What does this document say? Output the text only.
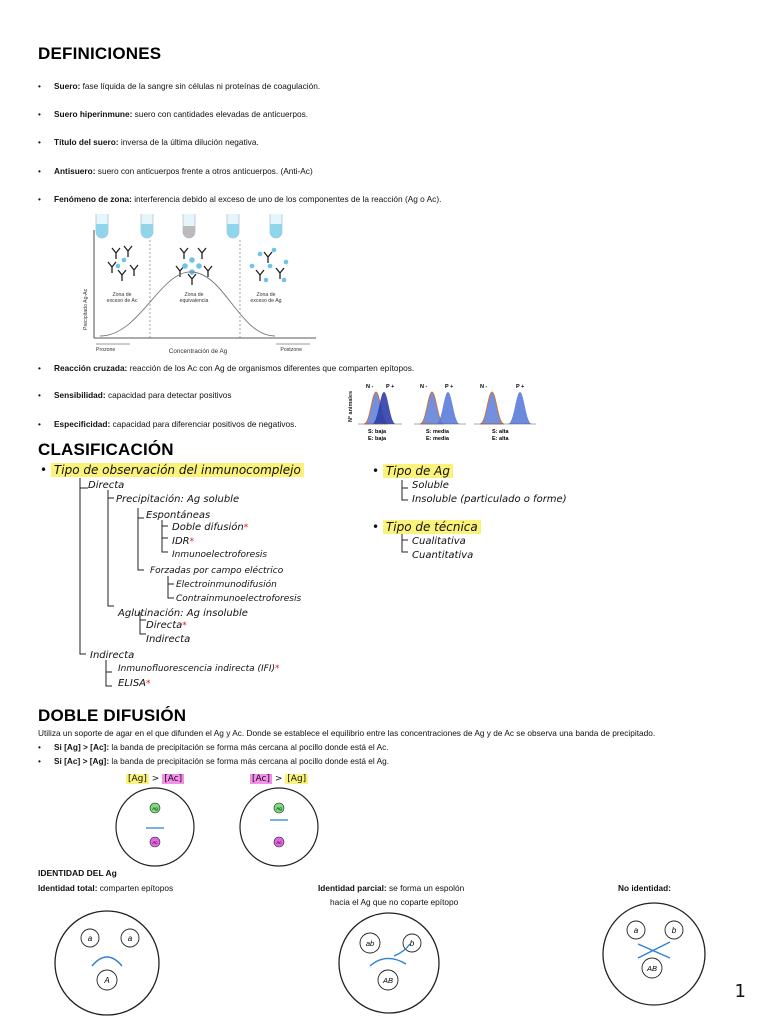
DEFINICIONES
• Suero: fase líquida de la sangre sin células ni proteínas de coagulación.
• Suero hiperinmune: suero con cantidades elevadas de anticuerpos.
• Título del suero: inversa de la última dilución negativa.
• Antisuero: suero con anticuerpos frente a otros anticuerpos. (Anti-Ac)
• Fenómeno de zona: interferencia debido al exceso de uno de los componentes de la reacción (Ag o Ac).
Precipitado Ag-Ac	Zona de exceso de Ac
Zona de equivalencia
Zona de exceso de Ag
Prozone	Concentración de Ag	Postzone
• Reacción cruzada: reacción de los Ac con Ag de organismos diferentes que comparten epítopos.
• Sensibilidad: capacidad para detectar positivos
• Especificidad: capacidad para diferenciar positivos de negativos.
Nº animales
N - P +
S: baja
E: baja
N -	P +
S: media
E: media
N -	P +
S: alta
E: alta
CLASIFICACIÓN
• Tipo de observación del inmunocomplejo
Directa
Precipitación: Ag soluble
Espontáneas
Doble difusión*
IDR*
Inmunoelectroforesis
Forzadas por campo eléctrico
Electroinmunodifusión
Contrainmunoelectroforesis
Aglutinación: Ag insoluble
Directa*
Indirecta
Indirecta
Inmunofluorescencia indirecta (IFI)*
ELISA*
• Tipo de Ag
Soluble
Insoluble (particulado o forme)
• Tipo de técnica
Cualitativa
Cuantitativa
DOBLE DIFUSIÓN
Utiliza un soporte de agar en el que difunden el Ag y Ac. Donde se establece el equilibrio entre las concentraciones de Ag y de Ac se observa una banda de precipitado.
• Si [Ag] > [Ac]: la banda de precipitación se forma más cercana al pocillo donde está el Ac.
• Si [Ac] > [Ag]: la banda de precipitación se forma más cercana al pocillo donde está el Ag.
[Ag] > [Ac]
Ag
Ac
[Ac] > [Ag]
Ag
Ac
IDENTIDAD DEL Ag
Identidad total: comparten epítopos	Identidad parcial: se forma un espolón
hacia el Ag que no coparte epítopo
No identidad:
a	a
A
ab	b
AB
a	b
AB
1
